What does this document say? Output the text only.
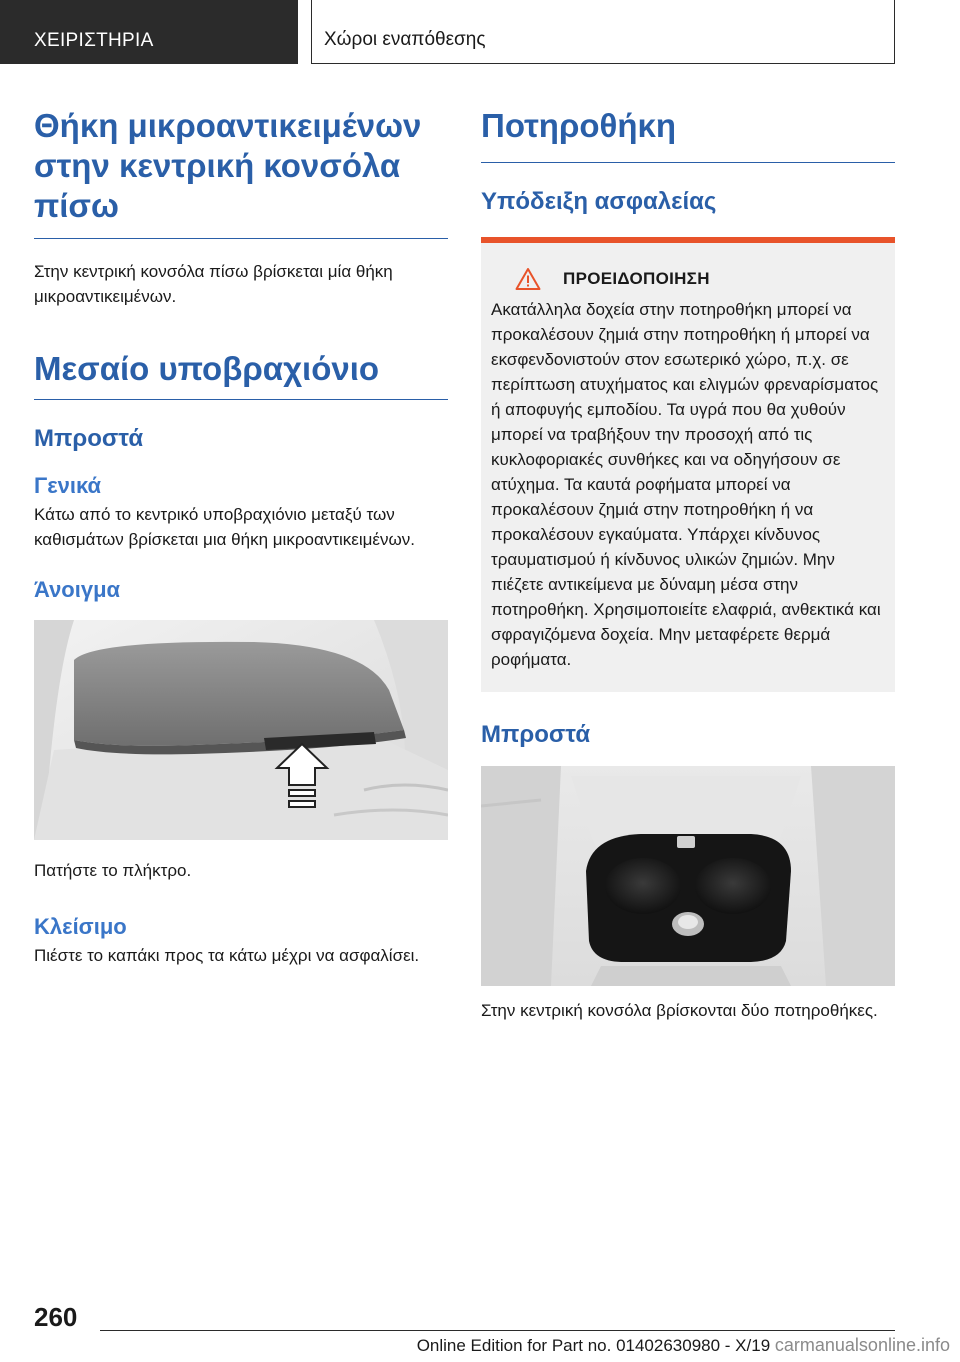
ΧΕΙΡΙΣΤΗΡΙΑ	Χώροι εναπόθεσης
Θήκη μικροαντικειμένων στην κεντρική κονσόλα πίσω

Στην κεντρική κονσόλα πίσω βρίσκεται μία θήκη μικροαντικειμένων.

Μεσαίο υποβραχιόνιο
Μπροστά
Γενικά

Κάτω από το κεντρικό υποβραχιόνιο μεταξύ των καθισμάτων βρίσκεται μια θήκη μικροαντικειμένων.

Άνοιγμα

Πατήστε το πλήκτρο.

Κλείσιμο

Πιέστε το καπάκι προς τα κάτω μέχρι να ασφαλίσει.

Ποτηροθήκη
Υπόδειξη ασφαλείας
ΠΡΟΕΙΔΟΠΟΙΗΣΗ

Ακατάλληλα δοχεία στην ποτηροθήκη μπορεί να προκαλέσουν ζημιά στην ποτηροθήκη ή μπορεί να εκσφενδονιστούν στον εσωτερικό χώρο, π.χ. σε περίπτωση ατυχήματος και ελιγμών φρεναρίσματος ή αποφυγής εμποδίου. Τα υγρά που θα χυθούν μπορεί να τραβήξουν την προσοχή από τις κυκλοφοριακές συνθήκες και να οδηγήσουν σε ατύχημα. Τα καυτά ροφήματα μπορεί να προκαλέσουν ζημιά στην ποτηροθήκη ή να προκαλέσουν εγκαύματα. Υπάρχει κίνδυνος τραυματισμού ή κίνδυνος υλικών ζημιών. Μην πιέζετε αντικείμενα με δύναμη μέσα στην ποτηροθήκη. Χρησιμοποιείτε ελαφριά, ανθεκτικά και σφραγιζόμενα δοχεία. Μην μεταφέρετε θερμά ροφήματα.

Μπροστά

Στην κεντρική κονσόλα βρίσκονται δύο ποτηροθήκες.

260
Online Edition for Part no. 01402630980 - X/19 carmanualsonline.info
